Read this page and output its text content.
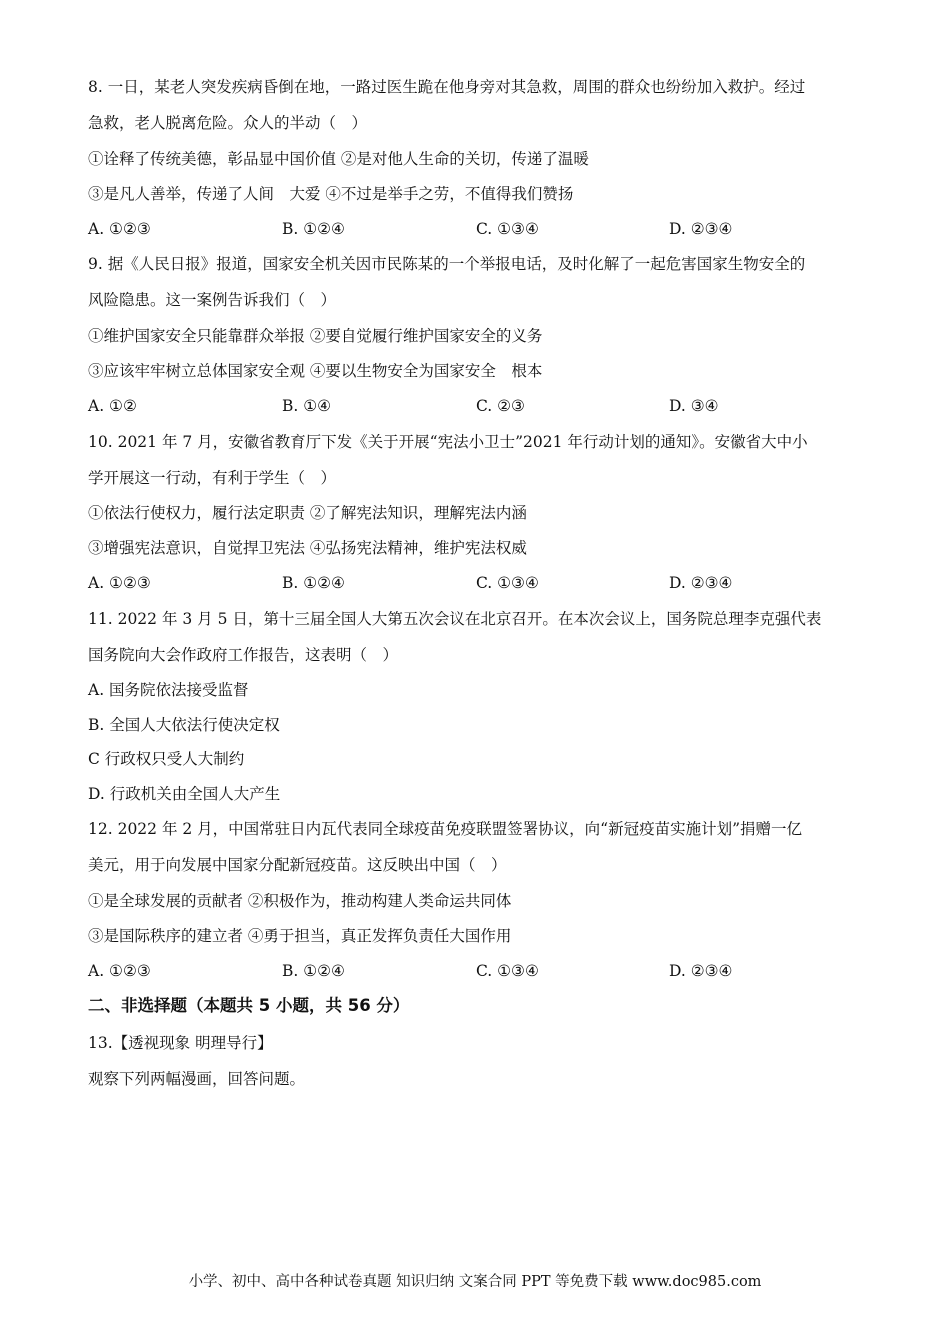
8. 一日，某老人突发疾病昏倒在地，一路过医生跪在他身旁对其急救，周围的群众也纷纷加入救护。经过
急救，老人脱离危险。众人的半动（　）
①诠释了传统美德，彰品显中国价值 ②是对他人生命的关切，传递了温暖
③是凡人善举，传递了人间　大爱 ④不过是举手之劳，不值得我们赞扬
A. ①②③	B. ①②④	C. ①③④	D. ②③④
9. 据《人民日报》报道，国家安全机关因市民陈某的一个举报电话，及时化解了一起危害国家生物安全的
风险隐患。这一案例告诉我们（　）
①维护国家安全只能靠群众举报 ②要自觉履行维护国家安全的义务
③应该牢牢树立总体国家安全观 ④要以生物安全为国家安全　根本
A. ①②	B. ①④	C. ②③	D. ③④
10. 2021 年 7 月，安徽省教育厅下发《关于开展“宪法小卫士”2021 年行动计划的通知》。安徽省大中小
学开展这一行动，有利于学生（　）
①依法行使权力，履行法定职责 ②了解宪法知识，理解宪法内涵
③增强宪法意识，自觉捍卫宪法 ④弘扬宪法精神，维护宪法权威
A. ①②③	B. ①②④	C. ①③④	D. ②③④
11. 2022 年 3 月 5 日，第十三届全国人大第五次会议在北京召开。在本次会议上，国务院总理李克强代表
国务院向大会作政府工作报告，这表明（　）
A. 国务院依法接受监督
B. 全国人大依法行使决定权
C 行政权只受人大制约
D. 行政机关由全国人大产生
12. 2022 年 2 月，中国常驻日内瓦代表同全球疫苗免疫联盟签署协议，向“新冠疫苗实施计划”捐赠一亿
美元，用于向发展中国家分配新冠疫苗。这反映出中国（　）
①是全球发展的贡献者 ②积极作为，推动构建人类命运共同体
③是国际秩序的建立者 ④勇于担当，真正发挥负责任大国作用
A. ①②③	B. ①②④	C. ①③④	D. ②③④
二、非选择题（本题共 5 小题，共 56 分）
13.【透视现象 明理导行】
观察下列两幅漫画，回答问题。
小学、初中、高中各种试卷真题 知识归纳 文案合同 PPT 等免费下载 www.doc985.com
